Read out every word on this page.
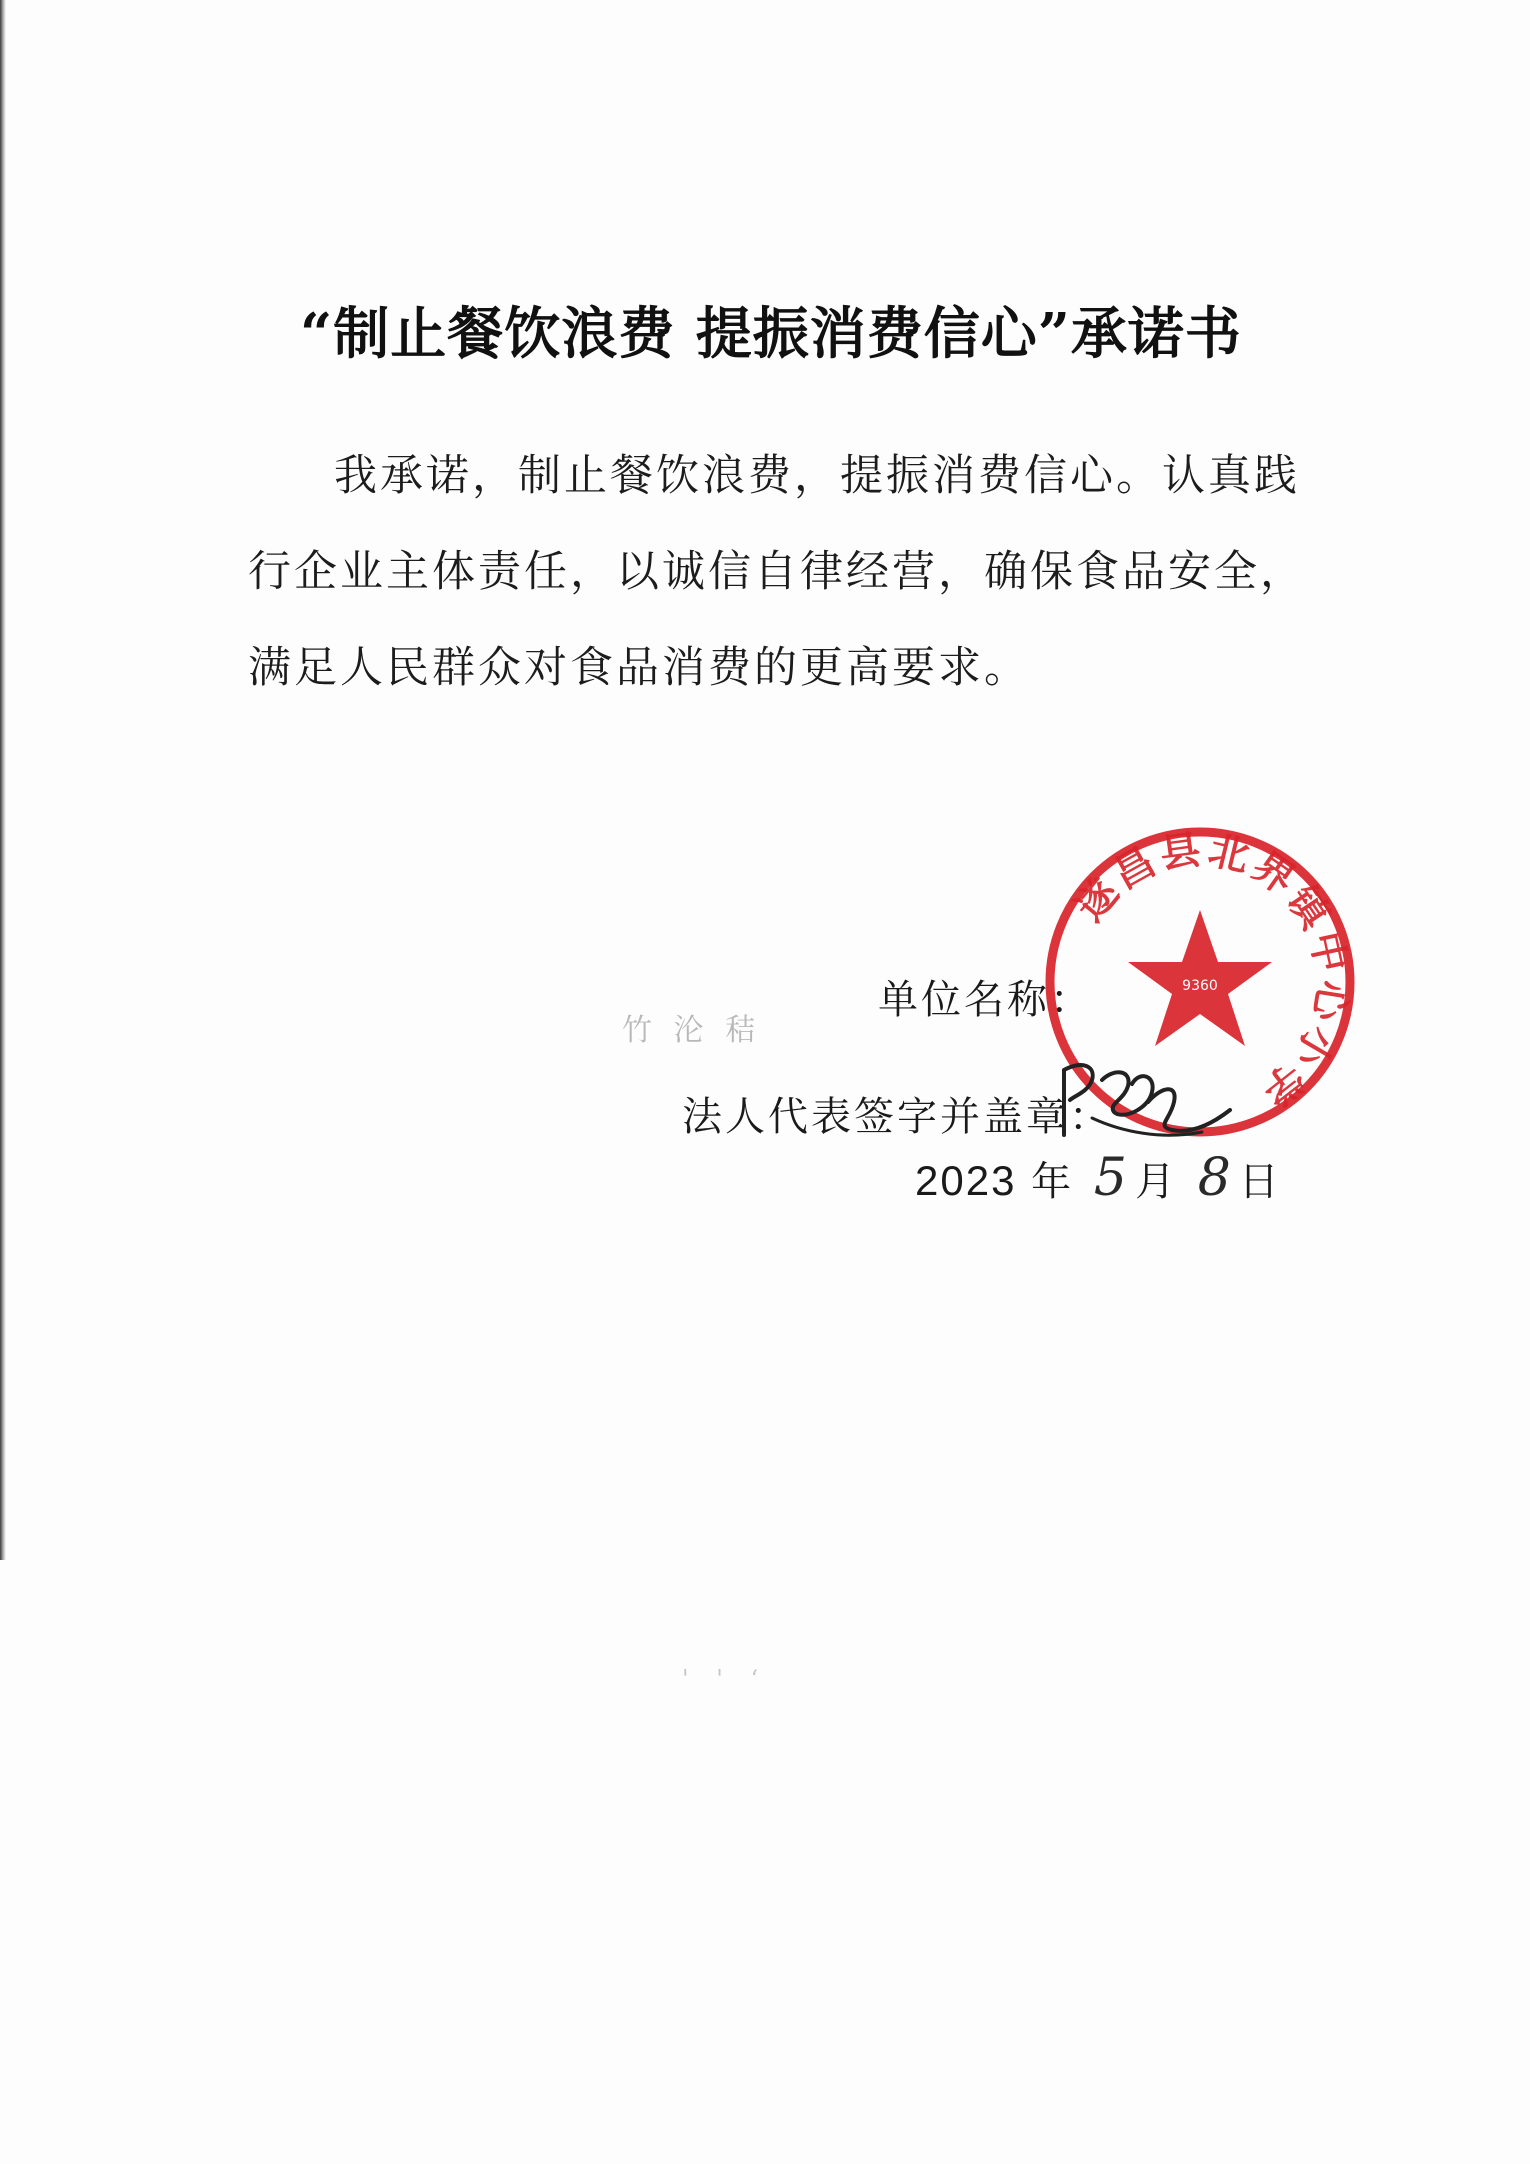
“制止餐饮浪费 提振消费信心”承诺书
我承诺，制止餐饮浪费，提振消费信心。认真践行企业主体责任，以诚信自律经营，确保食品安全，满足人民群众对食品消费的更高要求。
单位名称：
竹 沦 秸
' ' ‘
法人代表签字并盖章：
2023 年 5 月 8 日
遂昌县北界镇中心小学
9360
